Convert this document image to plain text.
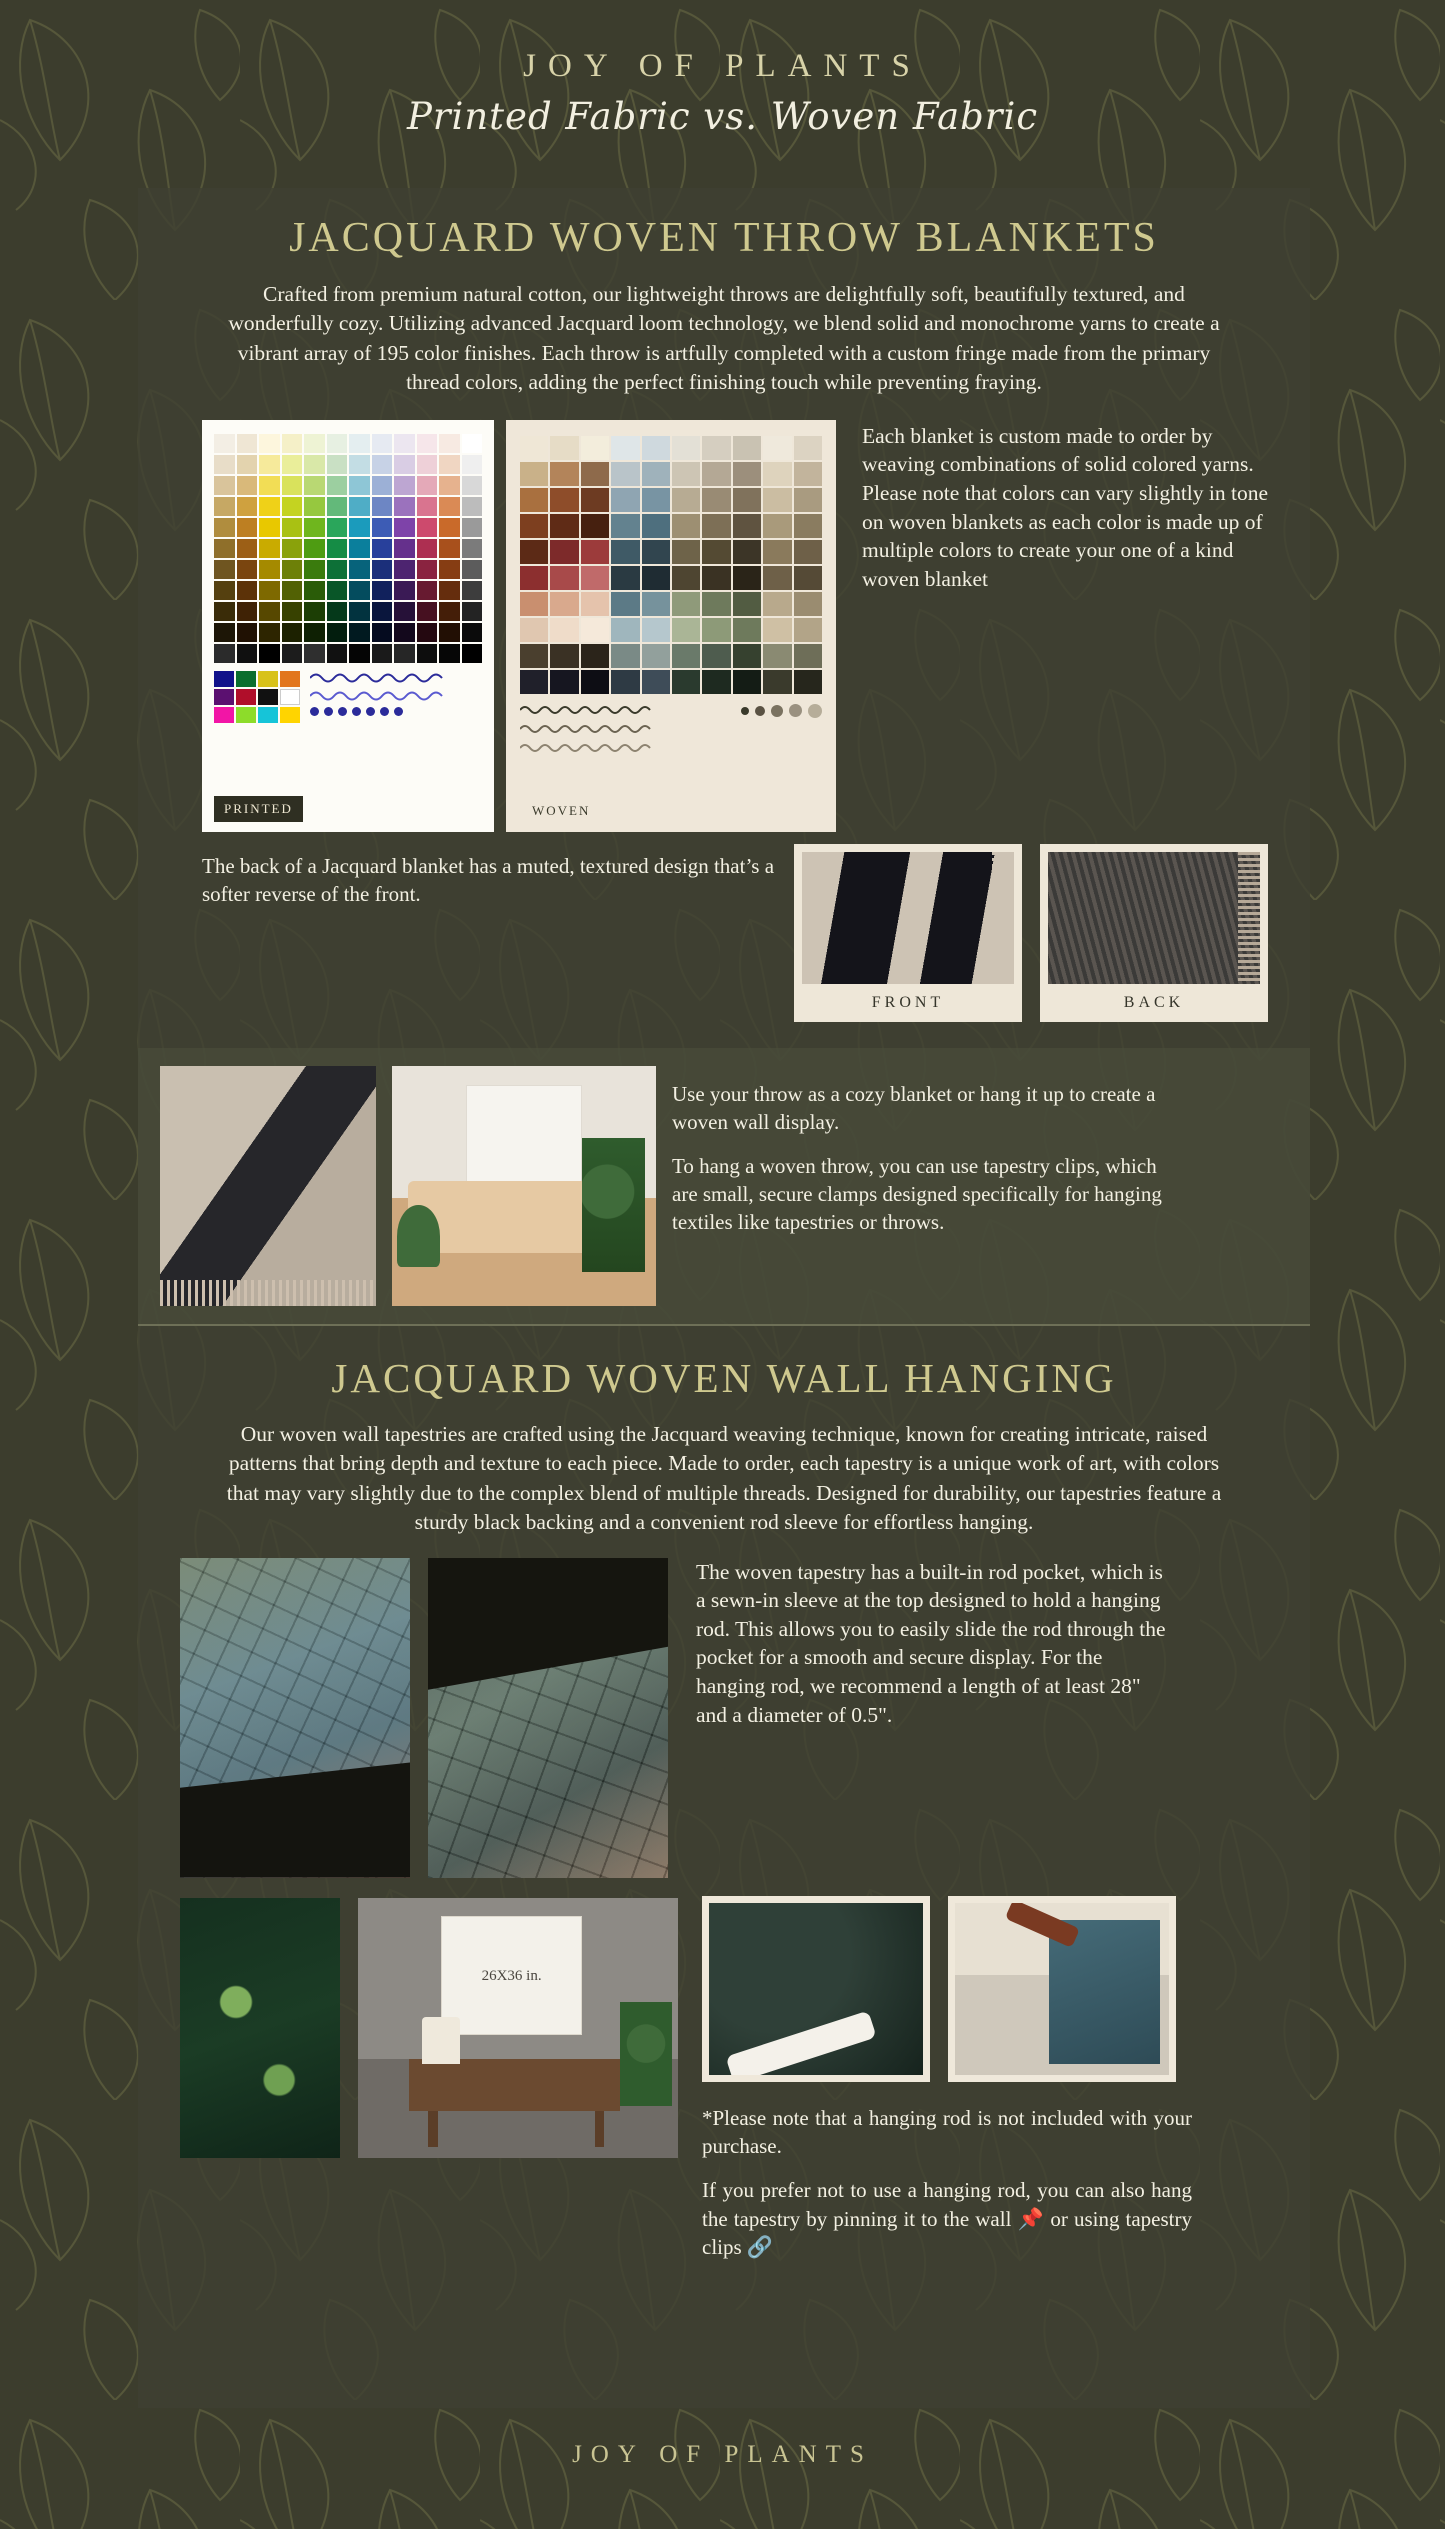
JOY OF PLANTS
Printed Fabric vs. Woven Fabric
JACQUARD WOVEN THROW BLANKETS
Crafted from premium natural cotton, our lightweight throws are delightfully soft, beautifully textured, and wonderfully cozy. Utilizing advanced Jacquard loom technology, we blend solid and monochrome yarns to create a vibrant array of 195 color finishes. Each throw is artfully completed with a custom fringe made from the primary thread colors, adding the perfect finishing touch while preventing fraying.
PRINTED	WOVEN
Each blanket is custom made to order by weaving combinations of solid colored yarns. Please note that colors can vary slightly in tone on woven blankets as each color is made up of multiple colors to create your one of a kind woven blanket
The back of a Jacquard blanket has a muted, textured design that’s a softer reverse of the front.
FRONT	BACK

Use your throw as a cozy blanket or hang it up to create a woven wall display.

To hang a woven throw, you can use tapestry clips, which are small, secure clamps designed specifically for hanging textiles like tapestries or throws.

JACQUARD WOVEN WALL HANGING
Our woven wall tapestries are crafted using the Jacquard weaving technique, known for creating intricate, raised patterns that bring depth and texture to each piece. Made to order, each tapestry is a unique work of art, with colors that may vary slightly due to the complex blend of multiple threads. Designed for durability, our tapestries feature a sturdy black backing and a convenient rod sleeve for effortless hanging.
The woven tapestry has a built-in rod pocket, which is a sewn-in sleeve at the top designed to hold a hanging rod. This allows you to easily slide the rod through the pocket for a smooth and secure display. For the hanging rod, we recommend a length of at least 28" and a diameter of 0.5".
26X36 in.

*Please note that a hanging rod is not included with your purchase.

If you prefer not to use a hanging rod, you can also hang the tapestry by pinning it to the wall 📌 or using tapestry clips 🔗

JOY OF PLANTS
